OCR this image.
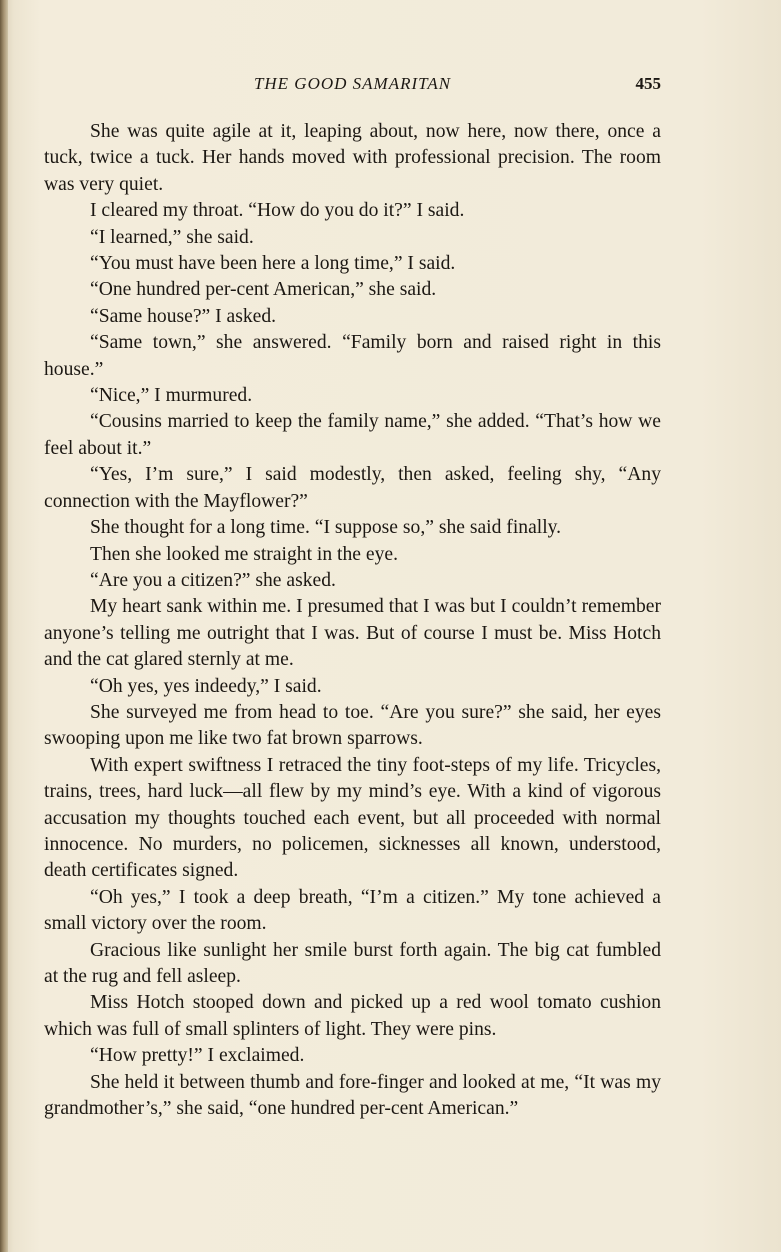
THE GOOD SAMARITAN	455

She was quite agile at it, leaping about, now here, now there, once a tuck, twice a tuck. Her hands moved with professional precision. The room was very quiet.

I cleared my throat. “How do you do it?” I said.

“I learned,” she said.

“You must have been here a long time,” I said.

“One hundred per-cent American,” she said.

“Same house?” I asked.

“Same town,” she answered. “Family born and raised right in this house.”

“Nice,” I murmured.

“Cousins married to keep the family name,” she added. “That’s how we feel about it.”

“Yes, I’m sure,” I said modestly, then asked, feeling shy, “Any connection with the Mayflower?”

She thought for a long time. “I suppose so,” she said finally.

Then she looked me straight in the eye.

“Are you a citizen?” she asked.

My heart sank within me. I presumed that I was but I couldn’t remember anyone’s telling me outright that I was. But of course I must be. Miss Hotch and the cat glared sternly at me.

“Oh yes, yes indeedy,” I said.

She surveyed me from head to toe. “Are you sure?” she said, her eyes swooping upon me like two fat brown sparrows.

With expert swiftness I retraced the tiny foot-steps of my life. Tricycles, trains, trees, hard luck—all flew by my mind’s eye. With a kind of vigorous accusation my thoughts touched each event, but all proceeded with normal innocence. No murders, no policemen, sicknesses all known, understood, death certificates signed.

“Oh yes,” I took a deep breath, “I’m a citizen.” My tone achieved a small victory over the room.

Gracious like sunlight her smile burst forth again. The big cat fumbled at the rug and fell asleep.

Miss Hotch stooped down and picked up a red wool tomato cushion which was full of small splinters of light. They were pins.

“How pretty!” I exclaimed.

She held it between thumb and fore-finger and looked at me, “It was my grandmother’s,” she said, “one hundred per-cent American.”
